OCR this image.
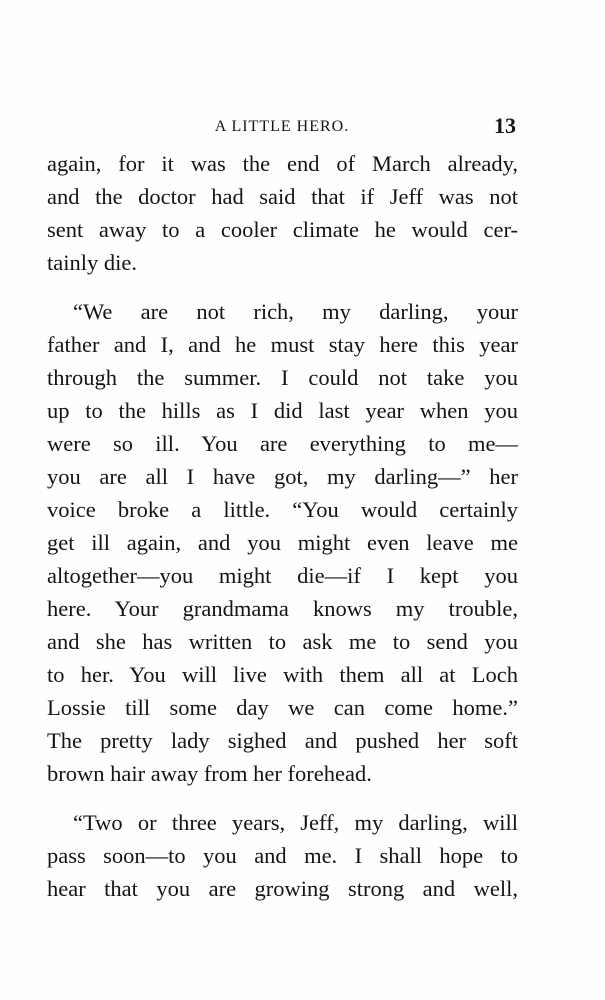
A LITTLE HERO.	13
again, for it was the end of March already,
and the doctor had said that if Jeff was not
sent away to a cooler climate he would cer-
tainly die.
“We are not rich, my darling, your
father and I, and he must stay here this year
through the summer. I could not take you
up to the hills as I did last year when you
were so ill. You are everything to me—
you are all I have got, my darling—” her
voice broke a little. “You would certainly
get ill again, and you might even leave me
altogether—you might die—if I kept you
here. Your grandmama knows my trouble,
and she has written to ask me to send you
to her. You will live with them all at Loch
Lossie till some day we can come home.”
The pretty lady sighed and pushed her soft
brown hair away from her forehead.
“Two or three years, Jeff, my darling, will
pass soon—to you and me. I shall hope to
hear that you are growing strong and well,
